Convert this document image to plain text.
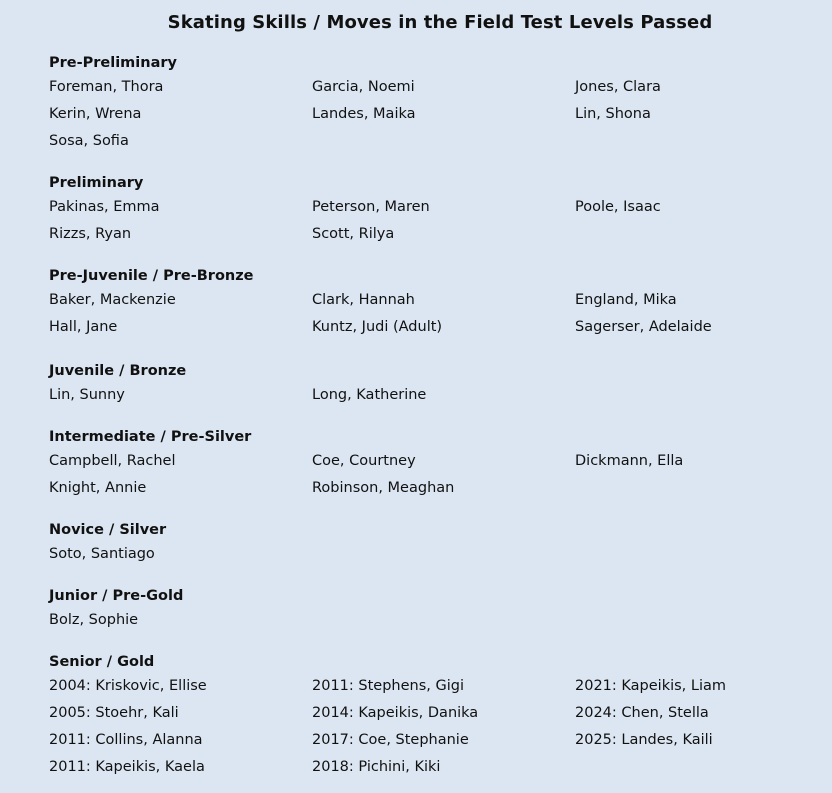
Skating Skills / Moves in the Field Test Levels Passed
Pre-Preliminary
Foreman, Thora	Garcia, Noemi	Jones, Clara
Kerin, Wrena	Landes, Maika	Lin, Shona
Sosa, Sofia
Preliminary
Pakinas, Emma	Peterson, Maren	Poole, Isaac
Rizzs, Ryan	Scott, Rilya
Pre-Juvenile / Pre-Bronze
Baker, Mackenzie	Clark, Hannah	England, Mika
Hall, Jane	Kuntz, Judi (Adult)	Sagerser, Adelaide
Juvenile / Bronze
Lin, Sunny	Long, Katherine
Intermediate / Pre-Silver
Campbell, Rachel	Coe, Courtney	Dickmann, Ella
Knight, Annie	Robinson, Meaghan
Novice / Silver
Soto, Santiago
Junior / Pre-Gold
Bolz, Sophie
Senior / Gold
2004: Kriskovic, Ellise	2011: Stephens, Gigi	2021: Kapeikis, Liam
2005: Stoehr, Kali	2014: Kapeikis, Danika	2024: Chen, Stella
2011: Collins, Alanna	2017: Coe, Stephanie	2025: Landes, Kaili
2011: Kapeikis, Kaela	2018: Pichini, Kiki
